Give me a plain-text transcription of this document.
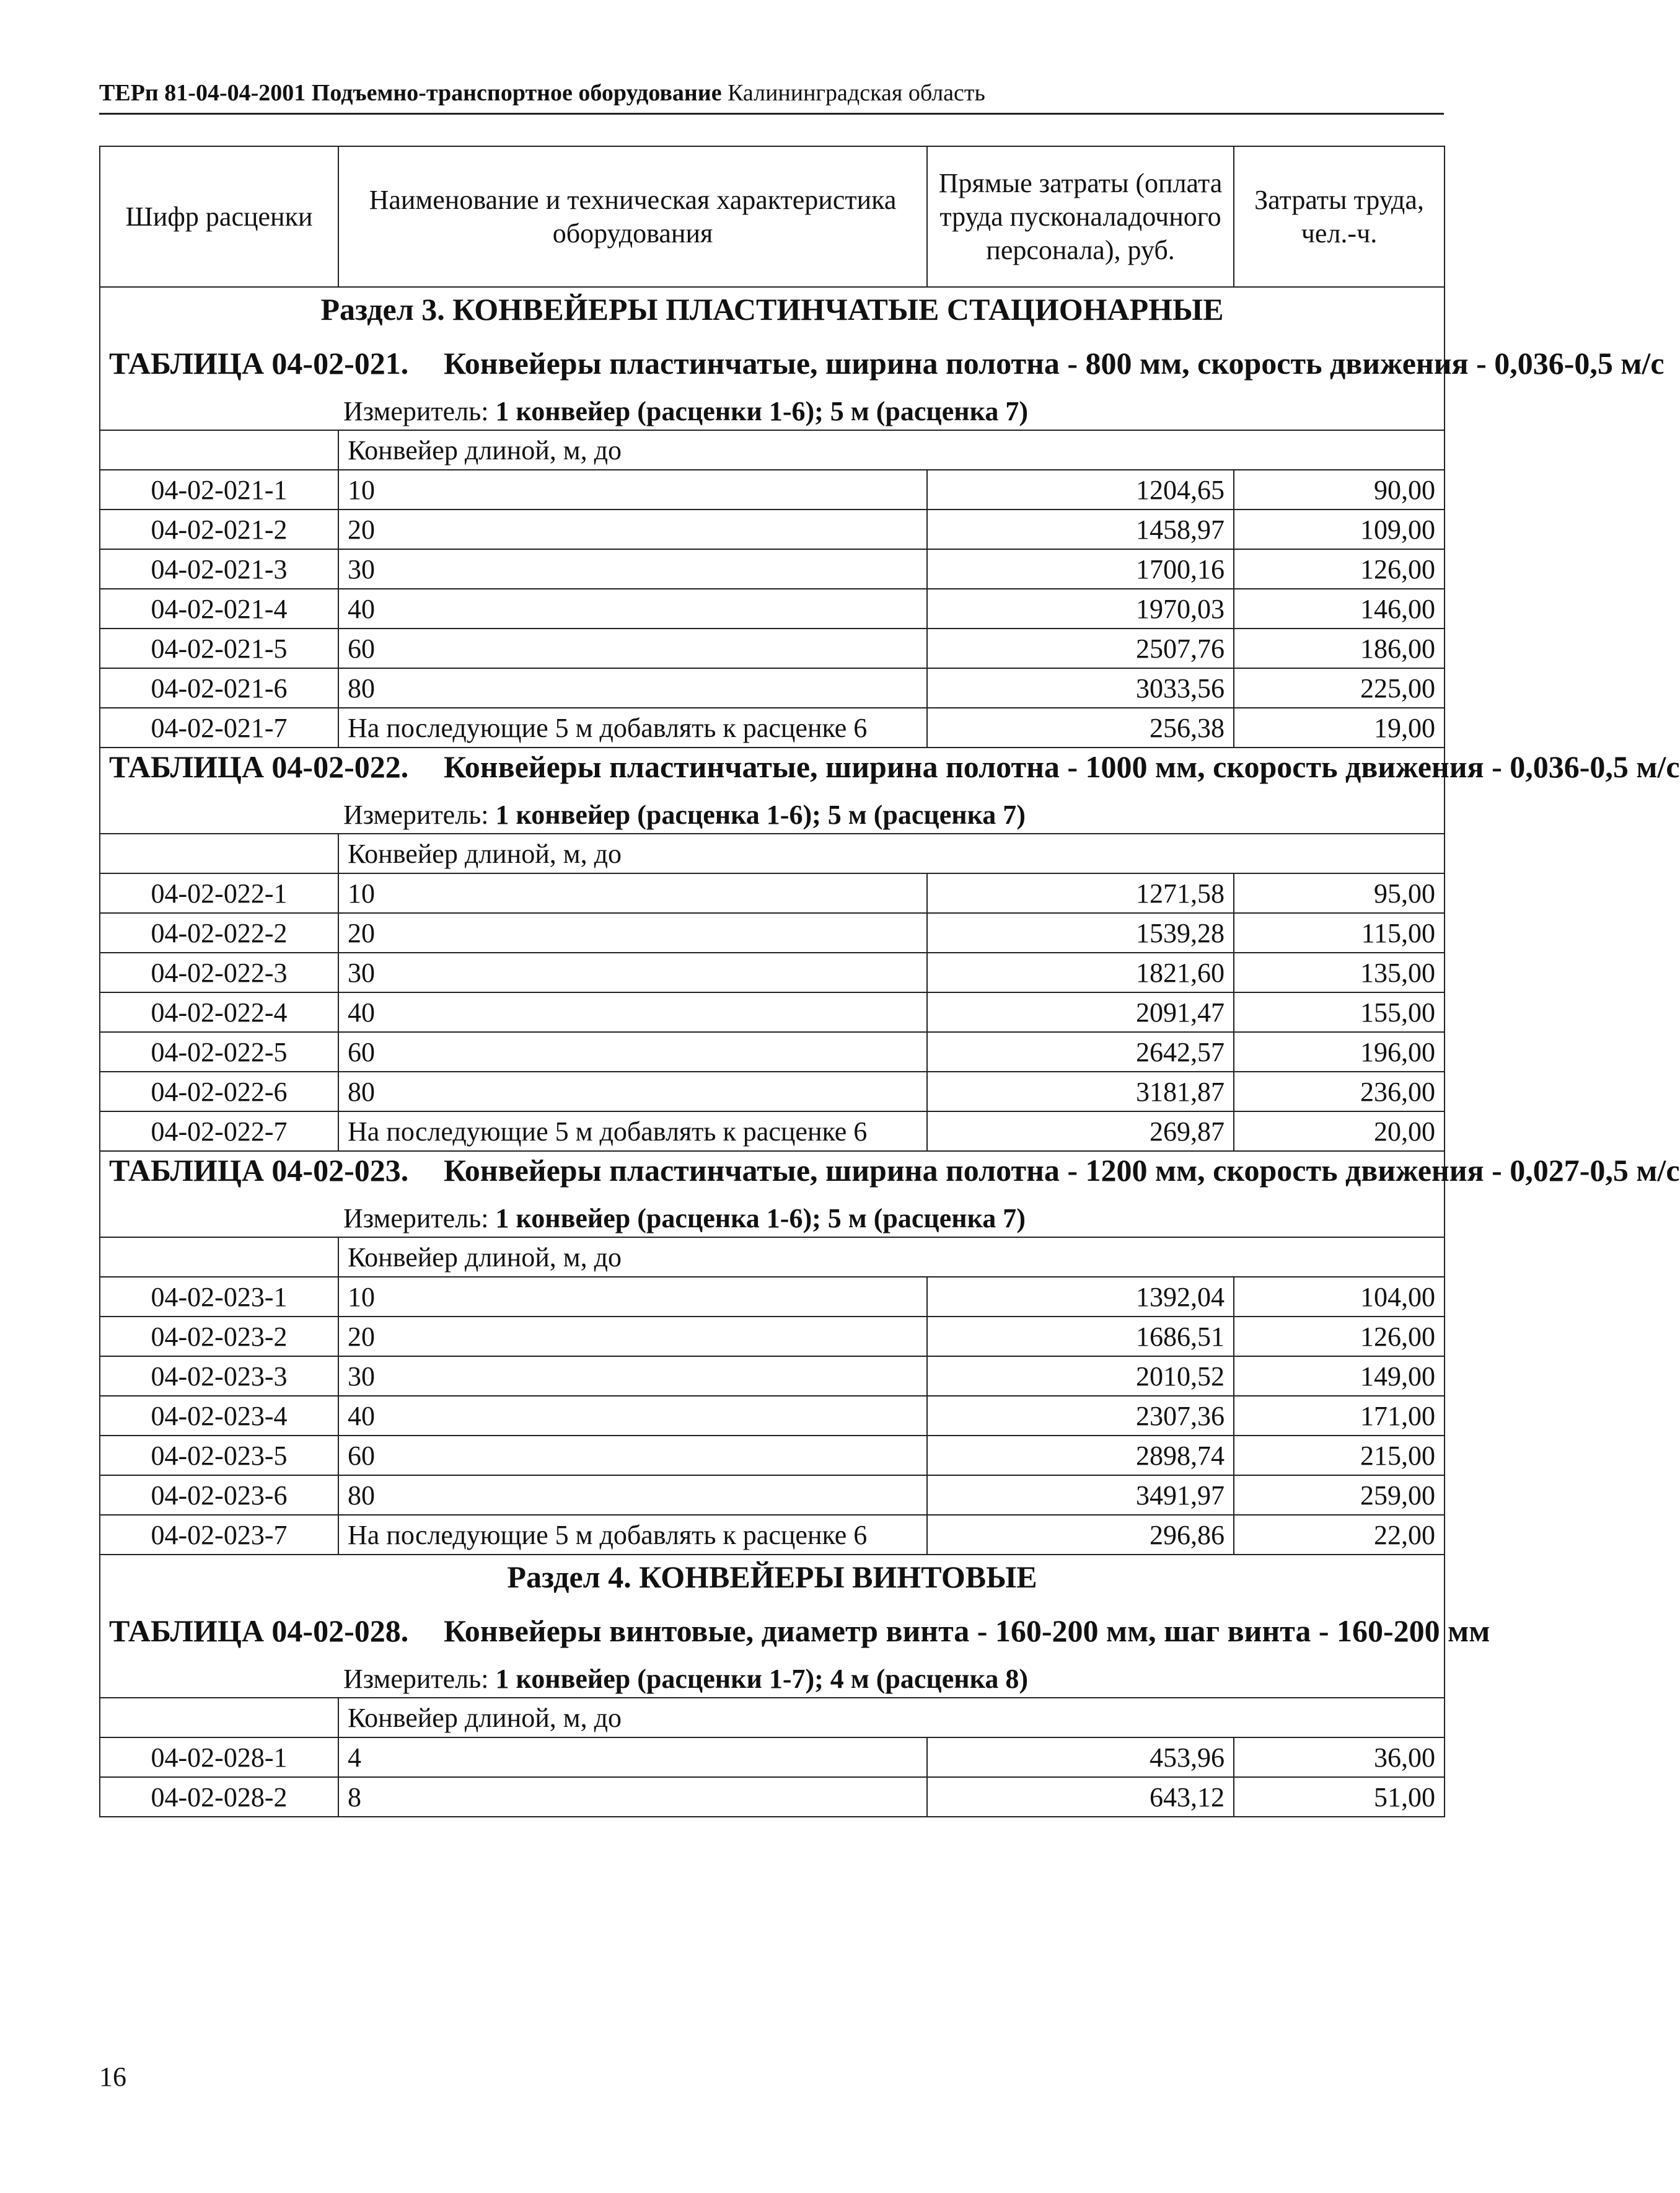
ТЕРп 81-04-04-2001 Подъемно-транспортное оборудование Калининградская область
Шифр расценки	Наименование и техническая характеристика оборудования	Прямые затраты (оплата труда пусконаладочного персонала), руб.	Затраты труда, чел.-ч.

Раздел 3. КОНВЕЙЕРЫ ПЛАСТИНЧАТЫЕ СТАЦИОНАРНЫЕ
ТАБЛИЦА 04-02-021. Конвейеры пластинчатые, ширина полотна - 800 мм, скорость движения - 0,036-0,5 м/с
Измеритель: 1 конвейер (расценки 1-6); 5 м (расценка 7)			

	Конвейер длиной, м, до		
04-02-021-1	10	1204,65	90,00
04-02-021-2	20	1458,97	109,00
04-02-021-3	30	1700,16	126,00
04-02-021-4	40	1970,03	146,00
04-02-021-5	60	2507,76	186,00
04-02-021-6	80	3033,56	225,00
04-02-021-7	На последующие 5 м добавлять к расценке 6	256,38	19,00

ТАБЛИЦА 04-02-022. Конвейеры пластинчатые, ширина полотна - 1000 мм, скорость движения - 0,036-0,5 м/с
Измеритель: 1 конвейер (расценка 1-6); 5 м (расценка 7)			

	Конвейер длиной, м, до		
04-02-022-1	10	1271,58	95,00
04-02-022-2	20	1539,28	115,00
04-02-022-3	30	1821,60	135,00
04-02-022-4	40	2091,47	155,00
04-02-022-5	60	2642,57	196,00
04-02-022-6	80	3181,87	236,00
04-02-022-7	На последующие 5 м добавлять к расценке 6	269,87	20,00

ТАБЛИЦА 04-02-023. Конвейеры пластинчатые, ширина полотна - 1200 мм, скорость движения - 0,027-0,5 м/с
Измеритель: 1 конвейер (расценка 1-6); 5 м (расценка 7)			

	Конвейер длиной, м, до		
04-02-023-1	10	1392,04	104,00
04-02-023-2	20	1686,51	126,00
04-02-023-3	30	2010,52	149,00
04-02-023-4	40	2307,36	171,00
04-02-023-5	60	2898,74	215,00
04-02-023-6	80	3491,97	259,00
04-02-023-7	На последующие 5 м добавлять к расценке 6	296,86	22,00

Раздел 4. КОНВЕЙЕРЫ ВИНТОВЫЕ
ТАБЛИЦА 04-02-028. Конвейеры винтовые, диаметр винта - 160-200 мм, шаг винта - 160-200 мм
Измеритель: 1 конвейер (расценки 1-7); 4 м (расценка 8)			

	Конвейер длиной, м, до		
04-02-028-1	4	453,96	36,00
04-02-028-2	8	643,12	51,00
16
